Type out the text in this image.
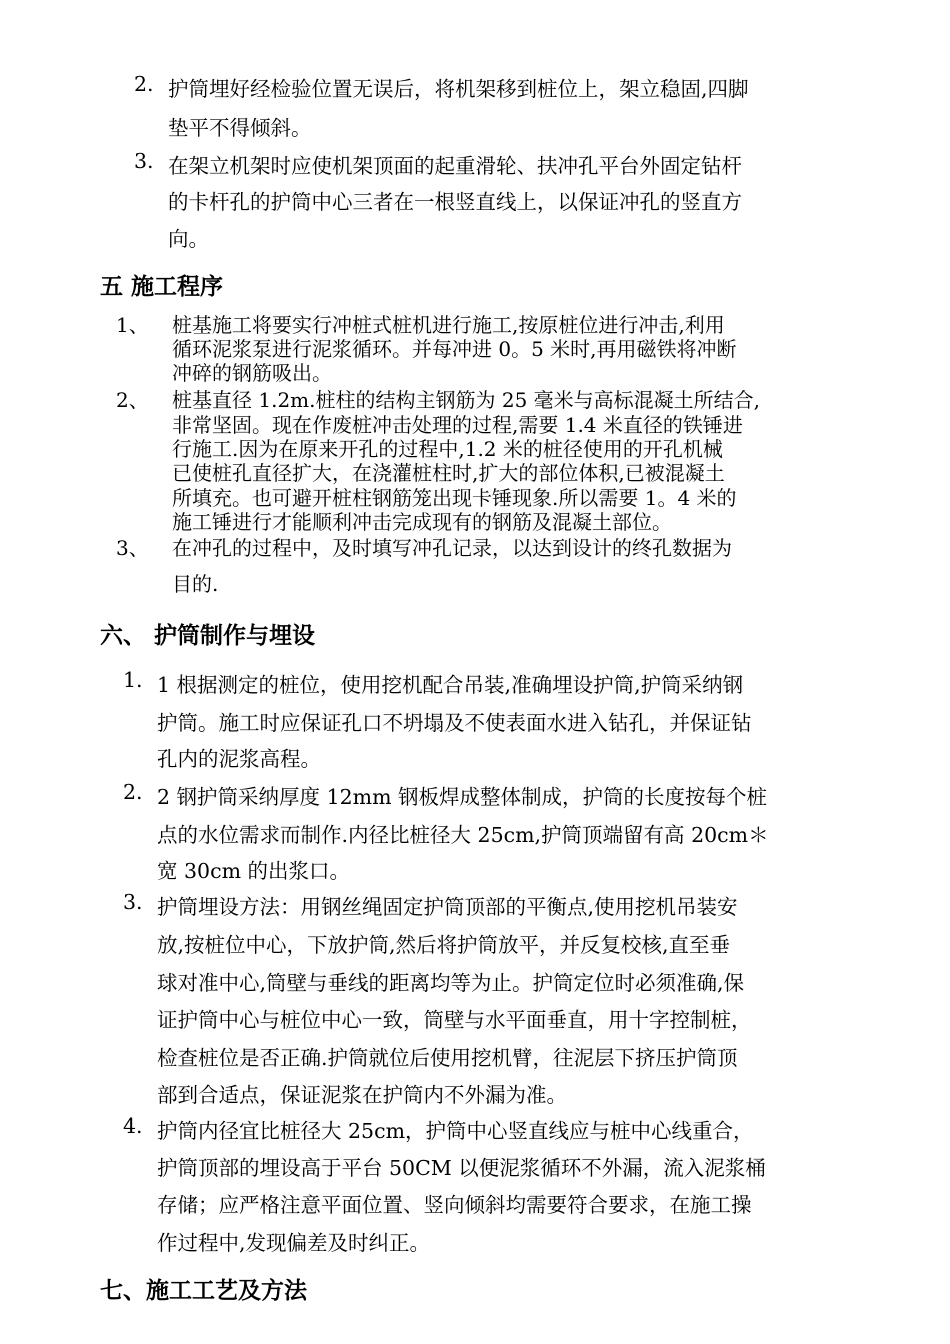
2. 护筒埋好经检验位置无误后，将机架移到桩位上，架立稳固,四脚
垫平不得倾斜。
3. 在架立机架时应使机架顶面的起重滑轮、扶冲孔平台外固定钻杆
的卡杆孔的护筒中心三者在一根竖直线上，以保证冲孔的竖直方
向。
五 施工程序
1、 桩基施工将要实行冲桩式桩机进行施工,按原桩位进行冲击,利用
循环泥浆泵进行泥浆循环。并每冲进 0。5 米时,再用磁铁将冲断
冲碎的钢筋吸出。
2、 桩基直径 1.2m.桩柱的结构主钢筋为 25 毫米与高标混凝土所结合,
非常坚固。现在作废桩冲击处理的过程,需要 1.4 米直径的铁锤进
行施工.因为在原来开孔的过程中,1.2 米的桩径使用的开孔机械
已使桩孔直径扩大，在浇灌桩柱时,扩大的部位体积,已被混凝土
所填充。也可避开桩柱钢筋笼出现卡锤现象.所以需要 1。4 米的
施工锤进行才能顺利冲击完成现有的钢筋及混凝土部位。
3、 在冲孔的过程中，及时填写冲孔记录，以达到设计的终孔数据为
目的.
六、 护筒制作与埋设
1. 1 根据测定的桩位，使用挖机配合吊装,准确埋设护筒,护筒采纳钢
护筒。施工时应保证孔口不坍塌及不使表面水进入钻孔，并保证钻
孔内的泥浆高程。
2. 2 钢护筒采纳厚度 12mm 钢板焊成整体制成，护筒的长度按每个桩
点的水位需求而制作.内径比桩径大 25cm,护筒顶端留有高 20cm＊
宽 30cm 的出浆口。
3. 护筒埋设方法：用钢丝绳固定护筒顶部的平衡点,使用挖机吊装安
放,按桩位中心，下放护筒,然后将护筒放平，并反复校核,直至垂
球对准中心,筒壁与垂线的距离均等为止。护筒定位时必须准确,保
证护筒中心与桩位中心一致，筒壁与水平面垂直，用十字控制桩，
检查桩位是否正确.护筒就位后使用挖机臂，往泥层下挤压护筒顶
部到合适点，保证泥浆在护筒内不外漏为准。
4. 护筒内径宜比桩径大 25cm，护筒中心竖直线应与桩中心线重合，
护筒顶部的埋设高于平台 50CM 以便泥浆循环不外漏，流入泥浆桶
存储；应严格注意平面位置、竖向倾斜均需要符合要求，在施工操
作过程中,发现偏差及时纠正。
七、施工工艺及方法
